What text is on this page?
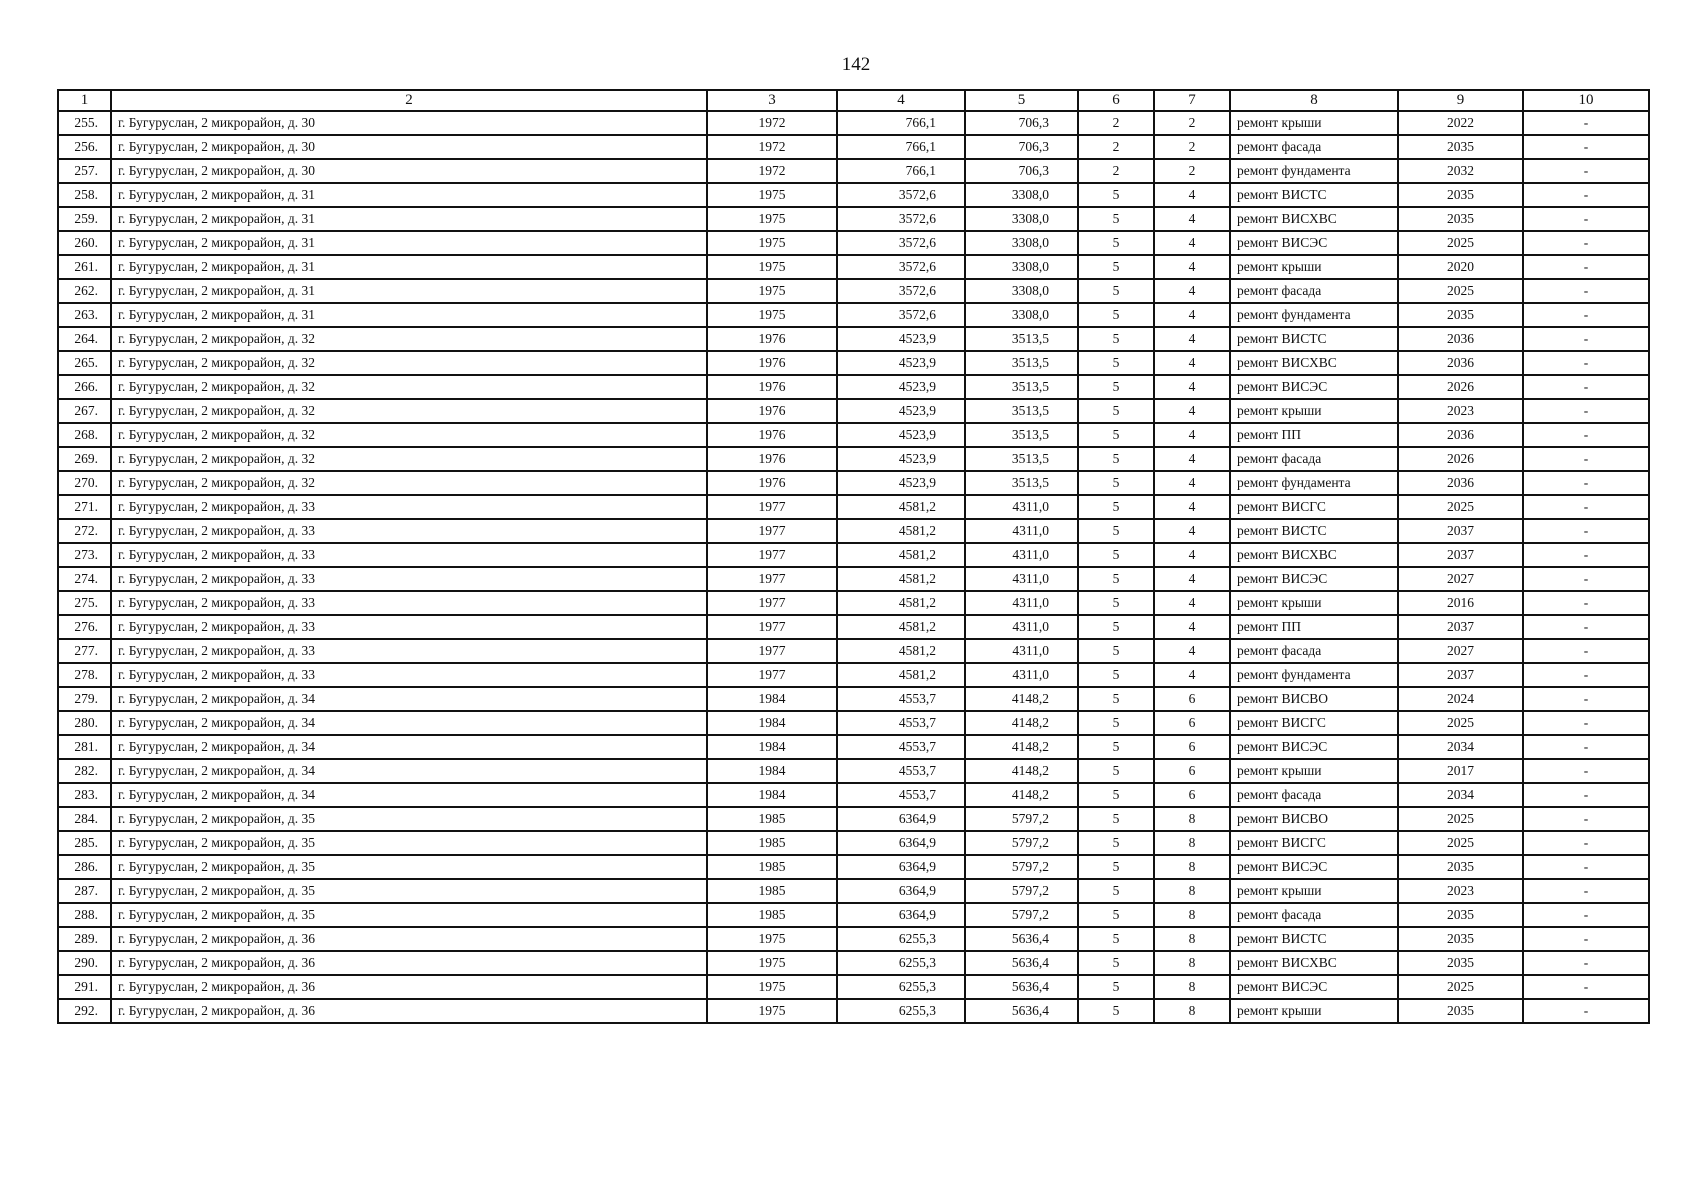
142
1	2	3	4	5	6	7	8	9	10
255.	г. Бугуруслан, 2 микрорайон, д. 30	1972	766,1	706,3	2	2	ремонт крыши	2022	-
256.	г. Бугуруслан, 2 микрорайон, д. 30	1972	766,1	706,3	2	2	ремонт фасада	2035	-
257.	г. Бугуруслан, 2 микрорайон, д. 30	1972	766,1	706,3	2	2	ремонт фундамента	2032	-
258.	г. Бугуруслан, 2 микрорайон, д. 31	1975	3572,6	3308,0	5	4	ремонт ВИСТС	2035	-
259.	г. Бугуруслан, 2 микрорайон, д. 31	1975	3572,6	3308,0	5	4	ремонт ВИСХВС	2035	-
260.	г. Бугуруслан, 2 микрорайон, д. 31	1975	3572,6	3308,0	5	4	ремонт ВИСЭС	2025	-
261.	г. Бугуруслан, 2 микрорайон, д. 31	1975	3572,6	3308,0	5	4	ремонт крыши	2020	-
262.	г. Бугуруслан, 2 микрорайон, д. 31	1975	3572,6	3308,0	5	4	ремонт фасада	2025	-
263.	г. Бугуруслан, 2 микрорайон, д. 31	1975	3572,6	3308,0	5	4	ремонт фундамента	2035	-
264.	г. Бугуруслан, 2 микрорайон, д. 32	1976	4523,9	3513,5	5	4	ремонт ВИСТС	2036	-
265.	г. Бугуруслан, 2 микрорайон, д. 32	1976	4523,9	3513,5	5	4	ремонт ВИСХВС	2036	-
266.	г. Бугуруслан, 2 микрорайон, д. 32	1976	4523,9	3513,5	5	4	ремонт ВИСЭС	2026	-
267.	г. Бугуруслан, 2 микрорайон, д. 32	1976	4523,9	3513,5	5	4	ремонт крыши	2023	-
268.	г. Бугуруслан, 2 микрорайон, д. 32	1976	4523,9	3513,5	5	4	ремонт ПП	2036	-
269.	г. Бугуруслан, 2 микрорайон, д. 32	1976	4523,9	3513,5	5	4	ремонт фасада	2026	-
270.	г. Бугуруслан, 2 микрорайон, д. 32	1976	4523,9	3513,5	5	4	ремонт фундамента	2036	-
271.	г. Бугуруслан, 2 микрорайон, д. 33	1977	4581,2	4311,0	5	4	ремонт ВИСГС	2025	-
272.	г. Бугуруслан, 2 микрорайон, д. 33	1977	4581,2	4311,0	5	4	ремонт ВИСТС	2037	-
273.	г. Бугуруслан, 2 микрорайон, д. 33	1977	4581,2	4311,0	5	4	ремонт ВИСХВС	2037	-
274.	г. Бугуруслан, 2 микрорайон, д. 33	1977	4581,2	4311,0	5	4	ремонт ВИСЭС	2027	-
275.	г. Бугуруслан, 2 микрорайон, д. 33	1977	4581,2	4311,0	5	4	ремонт крыши	2016	-
276.	г. Бугуруслан, 2 микрорайон, д. 33	1977	4581,2	4311,0	5	4	ремонт ПП	2037	-
277.	г. Бугуруслан, 2 микрорайон, д. 33	1977	4581,2	4311,0	5	4	ремонт фасада	2027	-
278.	г. Бугуруслан, 2 микрорайон, д. 33	1977	4581,2	4311,0	5	4	ремонт фундамента	2037	-
279.	г. Бугуруслан, 2 микрорайон, д. 34	1984	4553,7	4148,2	5	6	ремонт ВИСВО	2024	-
280.	г. Бугуруслан, 2 микрорайон, д. 34	1984	4553,7	4148,2	5	6	ремонт ВИСГС	2025	-
281.	г. Бугуруслан, 2 микрорайон, д. 34	1984	4553,7	4148,2	5	6	ремонт ВИСЭС	2034	-
282.	г. Бугуруслан, 2 микрорайон, д. 34	1984	4553,7	4148,2	5	6	ремонт крыши	2017	-
283.	г. Бугуруслан, 2 микрорайон, д. 34	1984	4553,7	4148,2	5	6	ремонт фасада	2034	-
284.	г. Бугуруслан, 2 микрорайон, д. 35	1985	6364,9	5797,2	5	8	ремонт ВИСВО	2025	-
285.	г. Бугуруслан, 2 микрорайон, д. 35	1985	6364,9	5797,2	5	8	ремонт ВИСГС	2025	-
286.	г. Бугуруслан, 2 микрорайон, д. 35	1985	6364,9	5797,2	5	8	ремонт ВИСЭС	2035	-
287.	г. Бугуруслан, 2 микрорайон, д. 35	1985	6364,9	5797,2	5	8	ремонт крыши	2023	-
288.	г. Бугуруслан, 2 микрорайон, д. 35	1985	6364,9	5797,2	5	8	ремонт фасада	2035	-
289.	г. Бугуруслан, 2 микрорайон, д. 36	1975	6255,3	5636,4	5	8	ремонт ВИСТС	2035	-
290.	г. Бугуруслан, 2 микрорайон, д. 36	1975	6255,3	5636,4	5	8	ремонт ВИСХВС	2035	-
291.	г. Бугуруслан, 2 микрорайон, д. 36	1975	6255,3	5636,4	5	8	ремонт ВИСЭС	2025	-
292.	г. Бугуруслан, 2 микрорайон, д. 36	1975	6255,3	5636,4	5	8	ремонт крыши	2035	-
